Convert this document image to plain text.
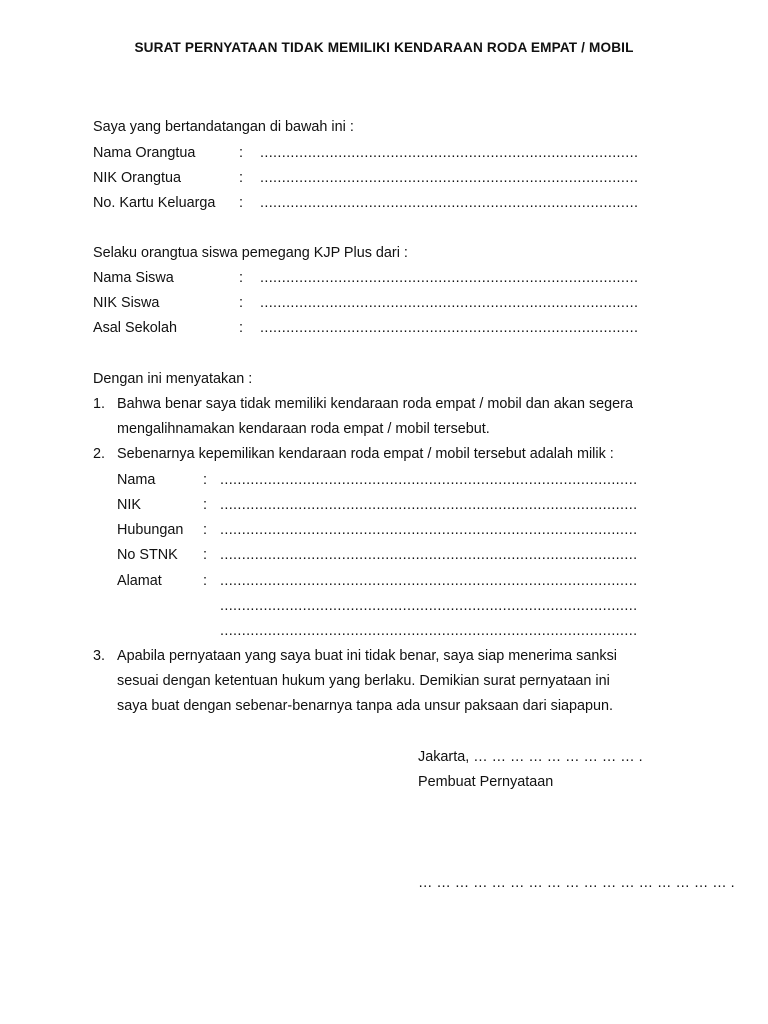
SURAT PERNYATAAN TIDAK MEMILIKI KENDARAAN RODA EMPAT / MOBIL
Saya yang bertandatangan di bawah ini :
Nama Orangtua	: .......................................................................................
NIK Orangtua	: .......................................................................................
No. Kartu Keluarga : .......................................................................................
Selaku orangtua siswa pemegang KJP Plus dari :
Nama Siswa	: .......................................................................................
NIK Siswa	: .......................................................................................
Asal Sekolah	: .......................................................................................
Dengan ini menyatakan :
1. Bahwa benar saya tidak memiliki kendaraan roda empat / mobil dan akan segera
mengalihnamakan kendaraan roda empat / mobil tersebut.
2. Sebenarnya kepemilikan kendaraan roda empat / mobil tersebut adalah milik :
Nama	: ................................................................................................
NIK	: ................................................................................................
Hubungan : ................................................................................................
No STNK : ................................................................................................
Alamat	: ................................................................................................
................................................................................................
................................................................................................
3. Apabila pernyataan yang saya buat ini tidak benar, saya siap menerima sanksi
sesuai dengan ketentuan hukum yang berlaku. Demikian surat pernyataan ini
saya buat dengan sebenar-benarnya tanpa ada unsur paksaan dari siapapun.
Jakarta, … … … … … … … … … .
Pembuat Pernyataan
… … … … … … … … … … … … … … … … … .
